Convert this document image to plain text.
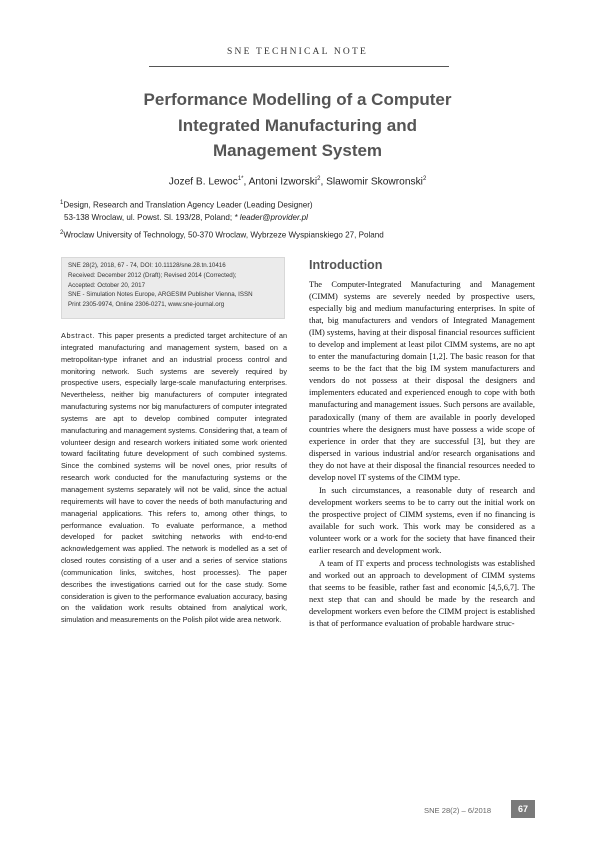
SNE TECHNICAL NOTE
Performance Modelling of a Computer
Integrated Manufacturing and
Management System
Jozef B. Lewoc$^{1*}$, Antoni Izworski$^2$, Slawomir Skowronski$^2$
$^1$Design, Research and Translation Agency Leader (Leading Designer)
53-138 Wroclaw, ul. Powst. Sl. 193/28, Poland; * leader@provider.pl
$^2$Wroclaw University of Technology, 50-370 Wroclaw, Wybrzeze Wyspianskiego 27, Poland
SNE 28(2), 2018, 67 - 74, DOI: 10.11128/sne.28.tn.10416
Received: December 2012 (Draft); Revised 2014 (Corrected);
Accepted: October 20, 2017
SNE - Simulation Notes Europe, ARGESIM Publisher Vienna, ISSN
Print 2305-9974, Online 2306-0271, www.sne-journal.org
Abstract. This paper presents a predicted target architecture of an integrated manufacturing and management system, based on a metropolitan-type infranet and an industrial process control and monitoring network. Such systems are severely required by prospective users, especially large-scale manufacturing enterprises. Nevertheless, neither big manufacturers of computer integrated manufacturing systems nor big manufacturers of computer integrated systems are apt to develop combined computer integrated manufacturing and management systems. Considering that, a team of volunteer design and research workers initiated some work oriented toward facilitating future development of such combined systems. Since the combined systems will be novel ones, prior results of research work conducted for the manufacturing systems or the management systems separately will not be valid, since the actual requirements will have to cover the needs of both manufacturing and managerial applications. This refers to, among other things, to performance evaluation. To evaluate performance, a method developed for packet switching networks with end-to-end acknowledgement was applied. The network is modelled as a set of closed routes consisting of a user and a series of service stations (communication links, switches, host processes). The paper describes the investigations carried out for the case study. Some consideration is given to the performance evaluation accuracy, basing on the validation work results obtained from analytical work, simulation and measurements on the Polish pilot wide area network.
Introduction

The Computer-Integrated Manufacturing and Management (CIMM) systems are severely needed by prospective users, especially big and medium manufacturing enterprises. In spite of that, big manufacturers and vendors of Integrated Management (IM) systems, having at their disposal financial resources sufficient to develop and implement at least pilot CIMM systems, are no apt to enter the manufacturing domain [1,2]. The basic reason for that seems to be the fact that the big IM system manufacturers and vendors do not possess at their disposal the designers and implementers educated and experienced enough to cope with both manufacturing and management issues. Such persons are available, paradoxically (many of them are available in poorly developed countries where the designers must have possess a wide scope of experience in order that they are successful [3], but they are dispersed in various industrial and/or research organisations and they do not have at their disposal the financial resources needed to develop novel IT systems of the CIMM type.

In such circumstances, a reasonable duty of research and development workers seems to be to carry out the initial work on the prospective project of CIMM systems, even if no financing is available for such work. This work may be considered as a volunteer work or a work for the society that have financed their earlier research and development work.

A team of IT experts and process technologists was established and worked out an approach to development of CIMM systems that seems to be feasible, rather fast and economic [4,5,6,7]. The next step that can and should be made by the research and development workers even before the CIMM project is established is that of performance evaluation of probable hardware struc-

SNE 28(2) – 6/2018	67
